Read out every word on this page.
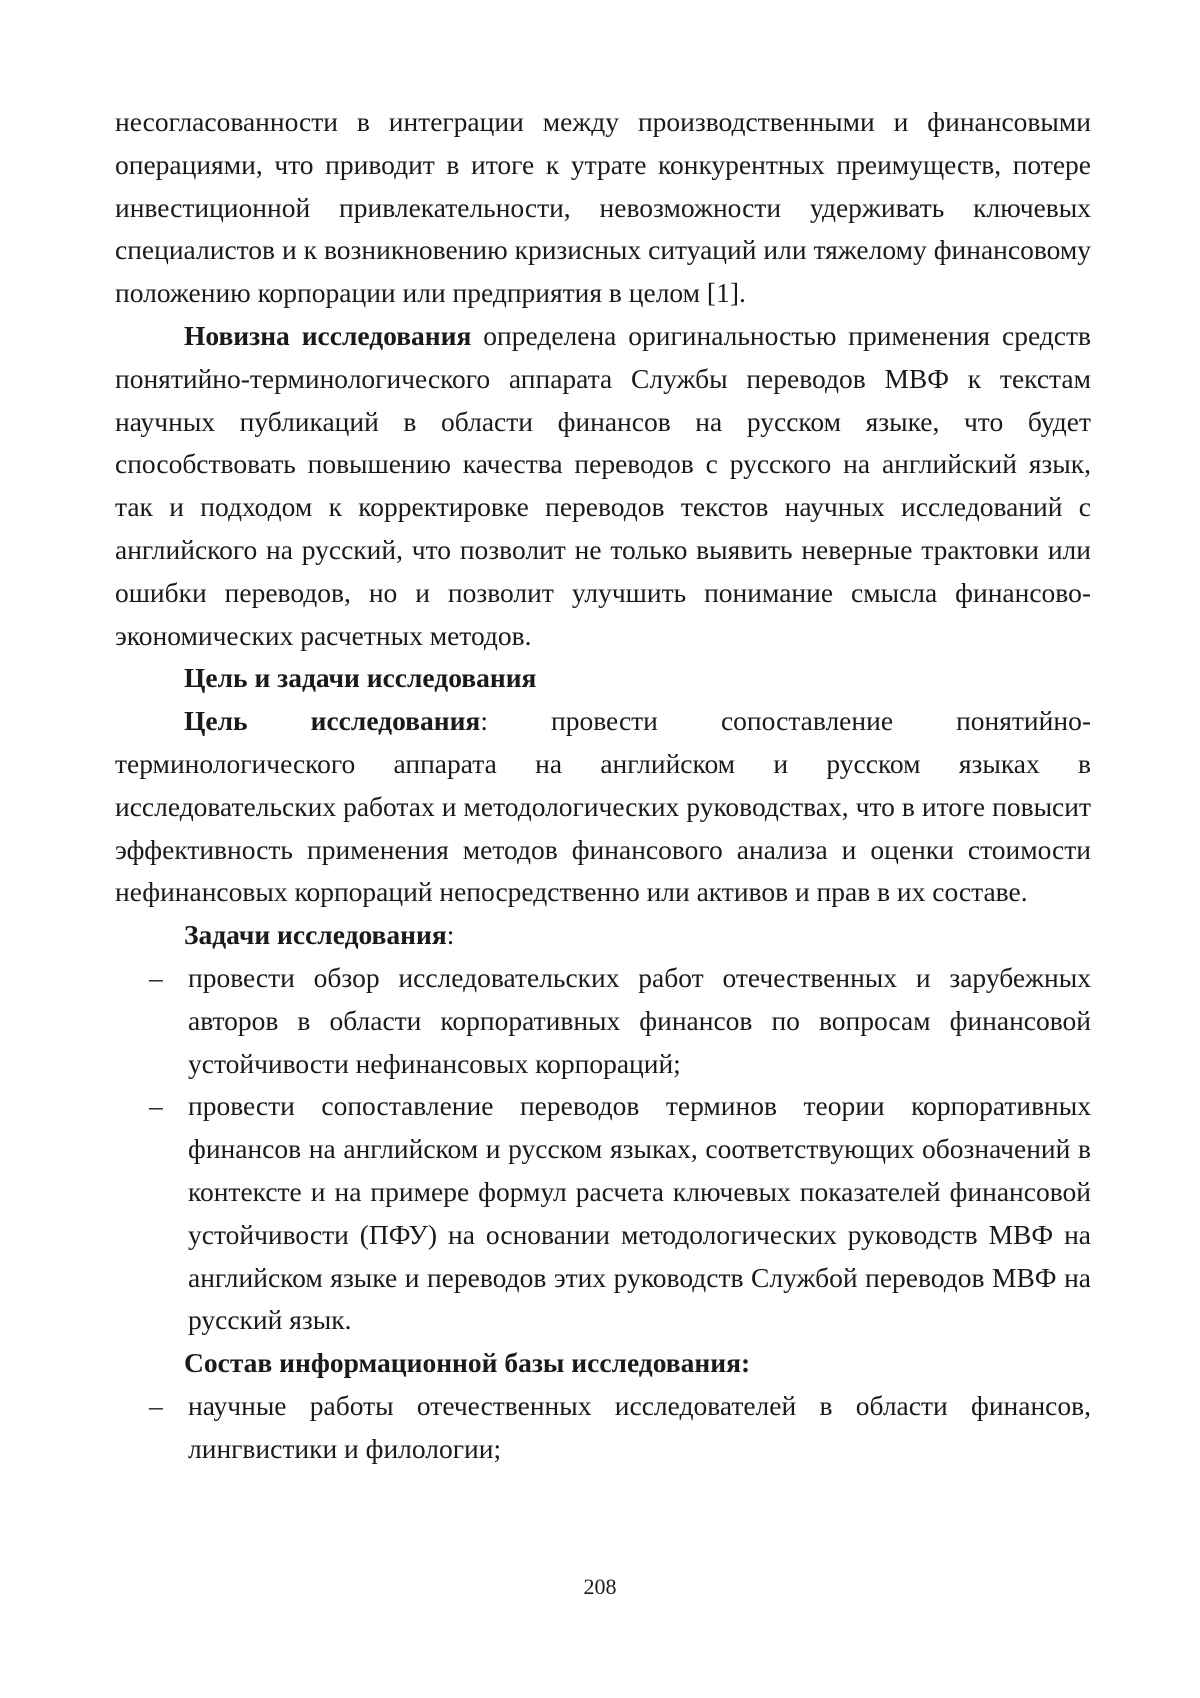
несогласованности в интеграции между производственными и финансовыми операциями, что приводит в итоге к утрате конкурентных преимуществ, потере инвестиционной привлекательности, невозможности удерживать ключевых специалистов и к возникновению кризисных ситуаций или тяжелому финансовому положению корпорации или предприятия в целом [1].

Новизна исследования определена оригинальностью применения средств понятийно-терминологического аппарата Службы переводов МВФ к текстам научных публикаций в области финансов на русском языке, что будет способствовать повышению качества переводов с русского на английский язык, так и подходом к корректировке переводов текстов научных исследований с английского на русский, что позволит не только выявить неверные трактовки или ошибки переводов, но и позволит улучшить понимание смысла финансово-экономических расчетных методов.

Цель и задачи исследования

Цель исследования: провести сопоставление понятийно-терминологического аппарата на английском и русском языках в исследовательских работах и методологических руководствах, что в итоге повысит эффективность применения методов финансового анализа и оценки стоимости нефинансовых корпораций непосредственно или активов и прав в их составе.

Задачи исследования:

– провести обзор исследовательских работ отечественных и зарубежных авторов в области корпоративных финансов по вопросам финансовой устойчивости нефинансовых корпораций;
– провести сопоставление переводов терминов теории корпоративных финансов на английском и русском языках, соответствующих обозначений в контексте и на примере формул расчета ключевых показателей финансовой устойчивости (ПФУ) на основании методологических руководств МВФ на английском языке и переводов этих руководств Службой переводов МВФ на русский язык.

Состав информационной базы исследования:

– научные работы отечественных исследователей в области финансов, лингвистики и филологии;
208
